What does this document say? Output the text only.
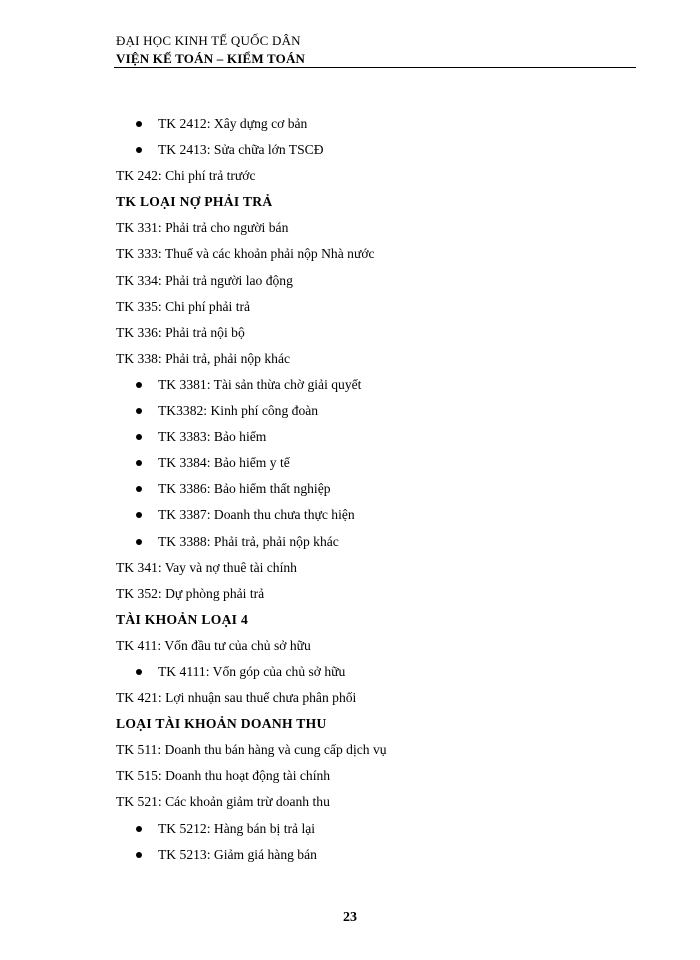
ĐẠI HỌC KINH TẾ QUỐC DÂN
VIỆN KẾ TOÁN – KIỂM TOÁN
TK 2412: Xây dựng cơ bản
TK 2413: Sửa chữa lớn TSCĐ
TK 242: Chi phí trả trước
TK LOẠI NỢ PHẢI TRẢ
TK 331: Phải trả cho người bán
TK 333: Thuế và các khoản phải nộp Nhà nước
TK 334: Phải trả người lao động
TK 335: Chi phí phải trả
TK 336: Phải trả nội bộ
TK 338: Phải trả, phải nộp khác
TK 3381: Tài sản thừa chờ giải quyết
TK3382: Kinh phí công đoàn
TK 3383: Bảo hiểm
TK 3384: Bảo hiểm y tế
TK 3386: Bảo hiểm thất nghiệp
TK 3387: Doanh thu chưa thực hiện
TK 3388: Phải trả, phải nộp khác
TK 341: Vay và nợ thuê tài chính
TK 352: Dự phòng phải trả
TÀI KHOẢN LOẠI 4
TK 411: Vốn đầu tư của chủ sở hữu
TK 4111: Vốn góp của chủ sở hữu
TK 421: Lợi nhuận sau thuế chưa phân phối
LOẠI TÀI KHOẢN DOANH THU
TK 511: Doanh thu bán hàng và cung cấp dịch vụ
TK 515: Doanh thu hoạt động tài chính
TK 521: Các khoản giảm trừ doanh thu
TK 5212: Hàng bán bị trả lại
TK 5213: Giảm giá hàng bán
23
